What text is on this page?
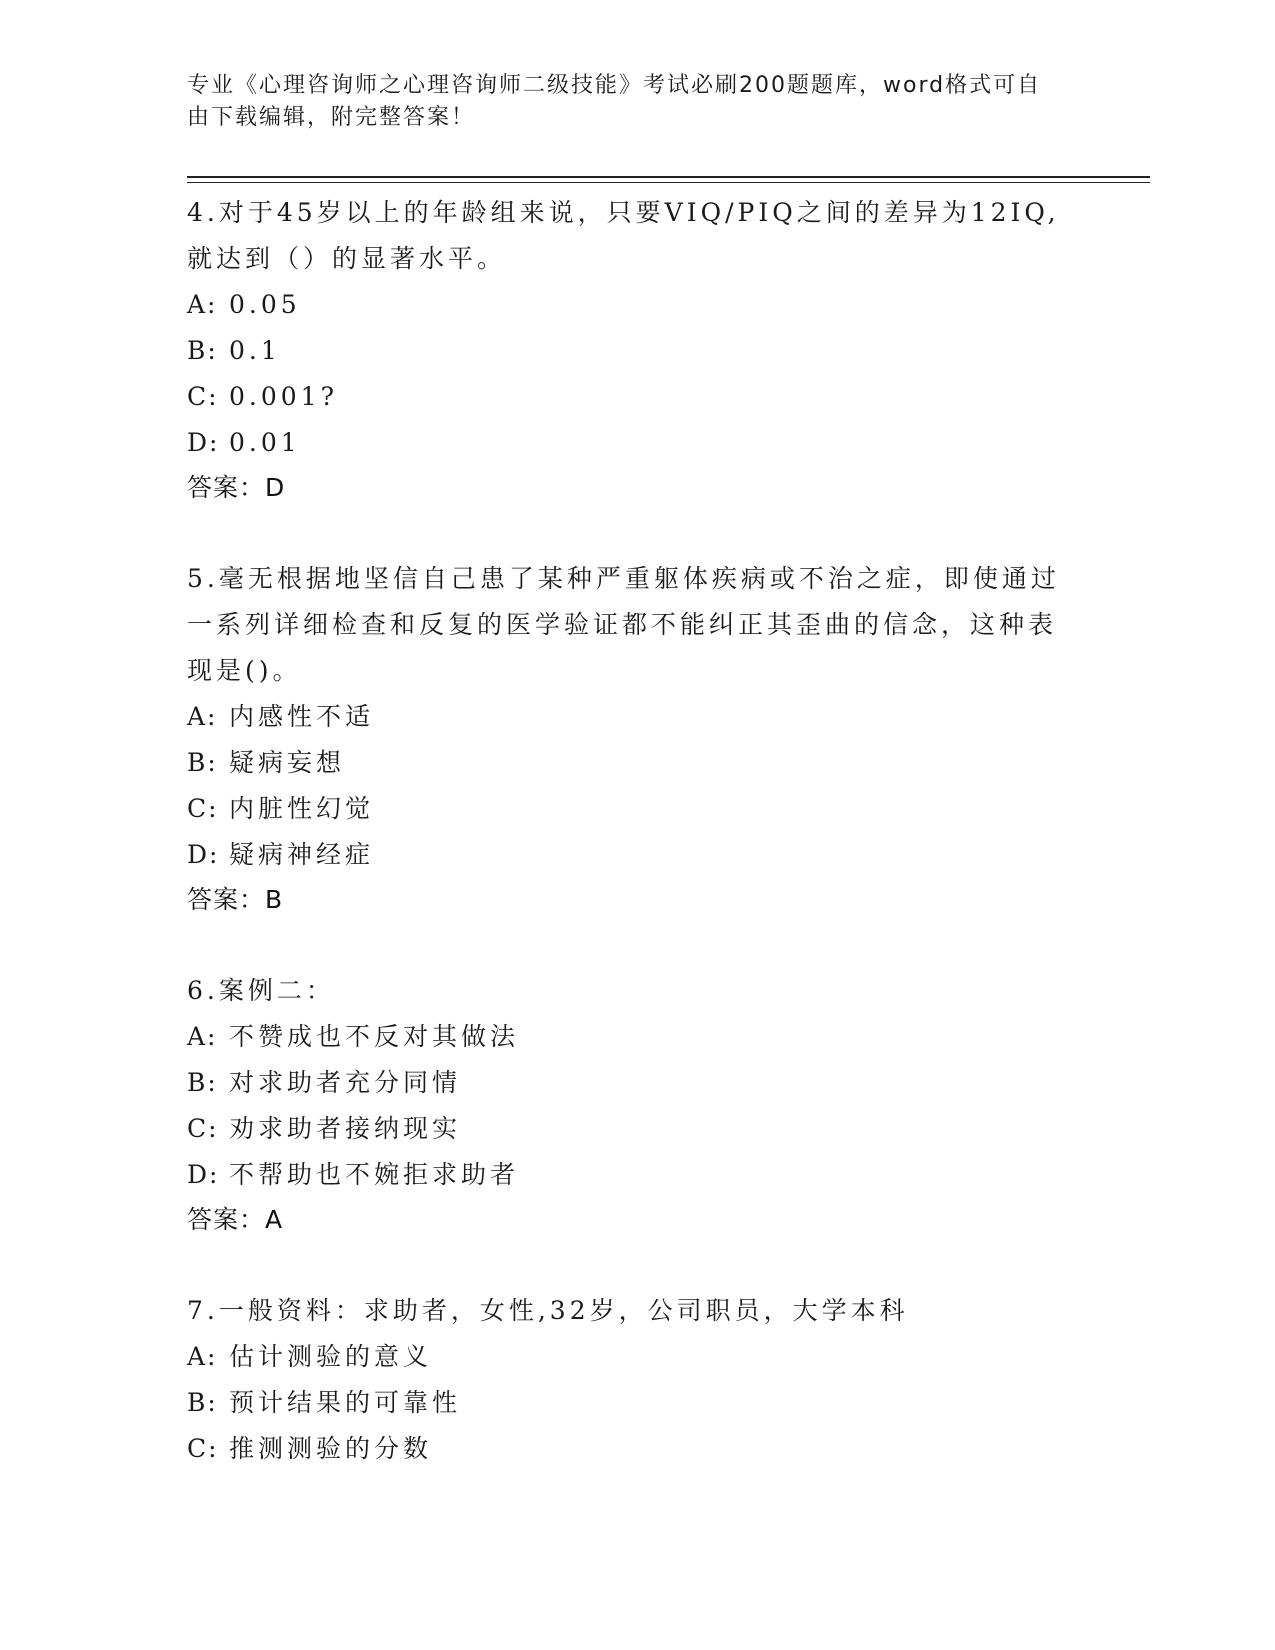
专业《心理咨询师之心理咨询师二级技能》考试必刷200题题库，word格式可自
由下载编辑，附完整答案！

4.对于45岁以上的年龄组来说，只要VIQ/PIQ之间的差异为12IQ,

就达到（）的显著水平。

A: 0.05

B: 0.1

C: 0.001?

D: 0.01

答案：D

5.毫无根据地坚信自己患了某种严重躯体疾病或不治之症，即使通过

一系列详细检查和反复的医学验证都不能纠正其歪曲的信念，这种表

现是()。

A: 内感性不适

B: 疑病妄想

C: 内脏性幻觉

D: 疑病神经症

答案：B

6.案例二：

A: 不赞成也不反对其做法

B: 对求助者充分同情

C: 劝求助者接纳现实

D: 不帮助也不婉拒求助者

答案：A

7.一般资料：求助者，女性,32岁，公司职员，大学本科

A: 估计测验的意义

B: 预计结果的可靠性

C: 推测测验的分数
